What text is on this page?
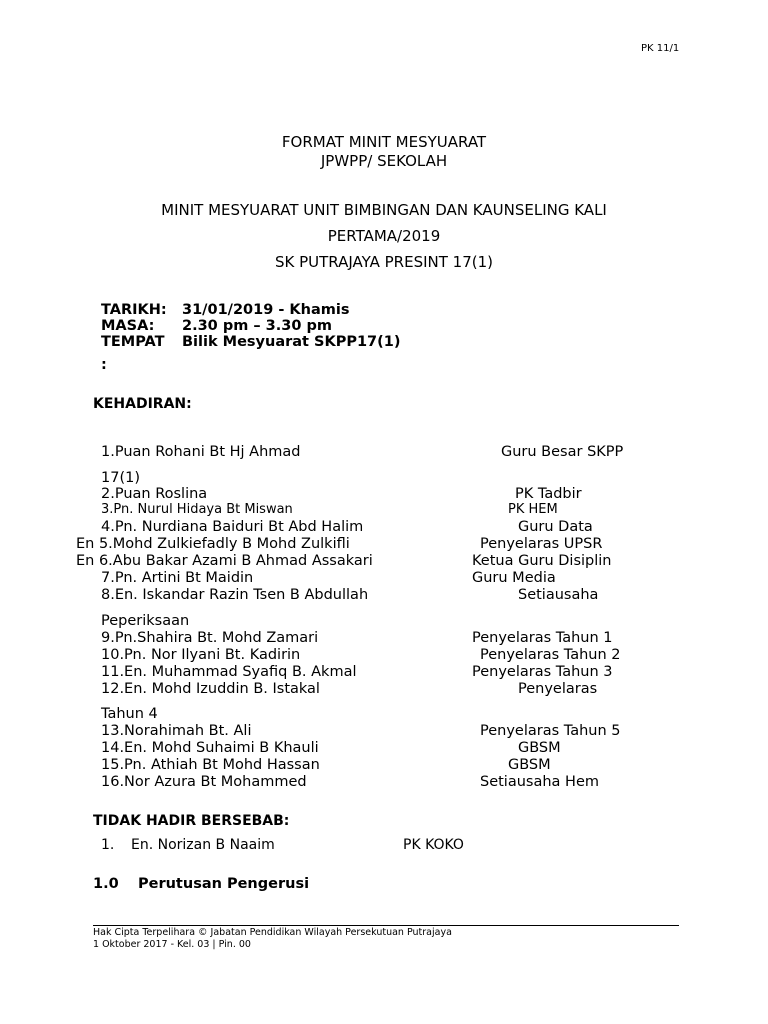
PK 11/1
FORMAT MINIT MESYUARAT
JPWPP/ SEKOLAH
MINIT MESYUARAT UNIT BIMBINGAN DAN KAUNSELING KALI
PERTAMA/2019
SK PUTRAJAYA PRESINT 17(1)
TARIKH: 31/01/2019 - Khamis
MASA: 2.30 pm – 3.30 pm
TEMPAT Bilik Mesyuarat SKPP17(1)
:
KEHADIRAN:
1.Puan Rohani Bt Hj Ahmad	Guru Besar SKPP
17(1)
2.Puan Roslina	PK Tadbir
3.Pn. Nurul Hidaya Bt Miswan	PK HEM
4.Pn. Nurdiana Baiduri Bt Abd Halim	Guru Data
En 5.Mohd Zulkiefadly B Mohd Zulkifli	Penyelaras UPSR
En 6.Abu Bakar Azami B Ahmad Assakari	Ketua Guru Disiplin
7.Pn. Artini Bt Maidin	Guru Media
8.En. Iskandar Razin Tsen B Abdullah	Setiausaha
Peperiksaan
9.Pn.Shahira Bt. Mohd Zamari	Penyelaras Tahun 1
10.Pn. Nor Ilyani Bt. Kadirin	Penyelaras Tahun 2
11.En. Muhammad Syafiq B. Akmal	Penyelaras Tahun 3
12.En. Mohd Izuddin B. Istakal	Penyelaras
Tahun 4
13.Norahimah Bt. Ali	Penyelaras Tahun 5
14.En. Mohd Suhaimi B Khauli	GBSM
15.Pn. Athiah Bt Mohd Hassan	GBSM
16.Nor Azura Bt Mohammed	Setiausaha Hem
TIDAK HADIR BERSEBAB:
1. En. Norizan B Naaim	PK KOKO
1.0 Perutusan Pengerusi
Hak Cipta Terpelihara © Jabatan Pendidikan Wilayah Persekutuan Putrajaya
1 Oktober 2017 - Kel. 03 | Pin. 00
